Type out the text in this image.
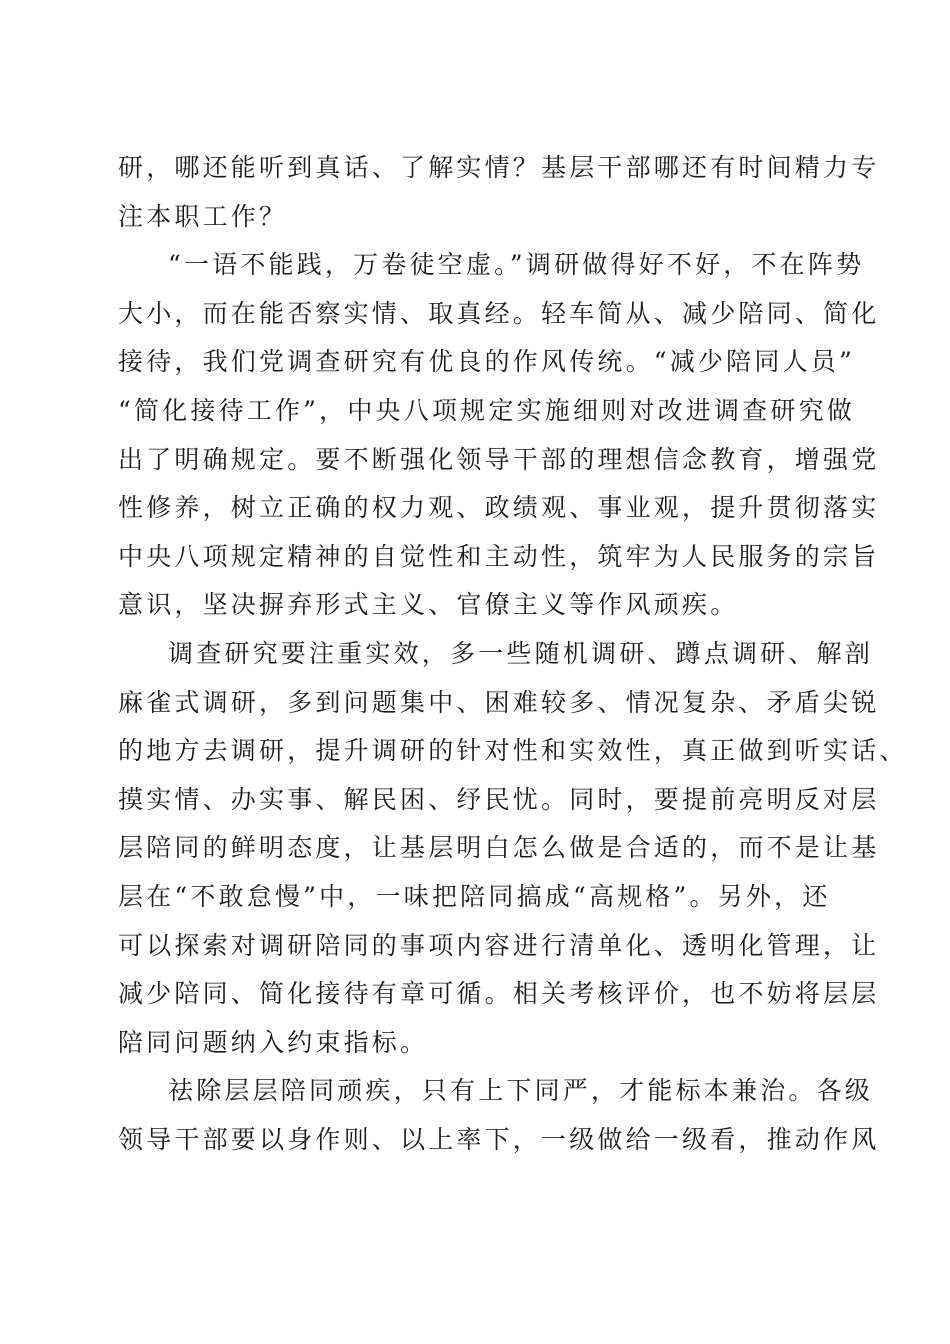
研，哪还能听到真话、了解实情？基层干部哪还有时间精力专
注本职工作？
“一语不能践，万卷徒空虚。”调研做得好不好，不在阵势
大小，而在能否察实情、取真经。轻车简从、减少陪同、简化
接待，我们党调查研究有优良的作风传统。“减少陪同人员”
“简化接待工作”，中央八项规定实施细则对改进调查研究做
出了明确规定。要不断强化领导干部的理想信念教育，增强党
性修养，树立正确的权力观、政绩观、事业观，提升贯彻落实
中央八项规定精神的自觉性和主动性，筑牢为人民服务的宗旨
意识，坚决摒弃形式主义、官僚主义等作风顽疾。
调查研究要注重实效，多一些随机调研、蹲点调研、解剖
麻雀式调研，多到问题集中、困难较多、情况复杂、矛盾尖锐
的地方去调研，提升调研的针对性和实效性，真正做到听实话、
摸实情、办实事、解民困、纾民忧。同时，要提前亮明反对层
层陪同的鲜明态度，让基层明白怎么做是合适的，而不是让基
层在“不敢怠慢”中，一味把陪同搞成“高规格”。另外，还
可以探索对调研陪同的事项内容进行清单化、透明化管理，让
减少陪同、简化接待有章可循。相关考核评价，也不妨将层层
陪同问题纳入约束指标。
祛除层层陪同顽疾，只有上下同严，才能标本兼治。各级
领导干部要以身作则、以上率下，一级做给一级看，推动作风
